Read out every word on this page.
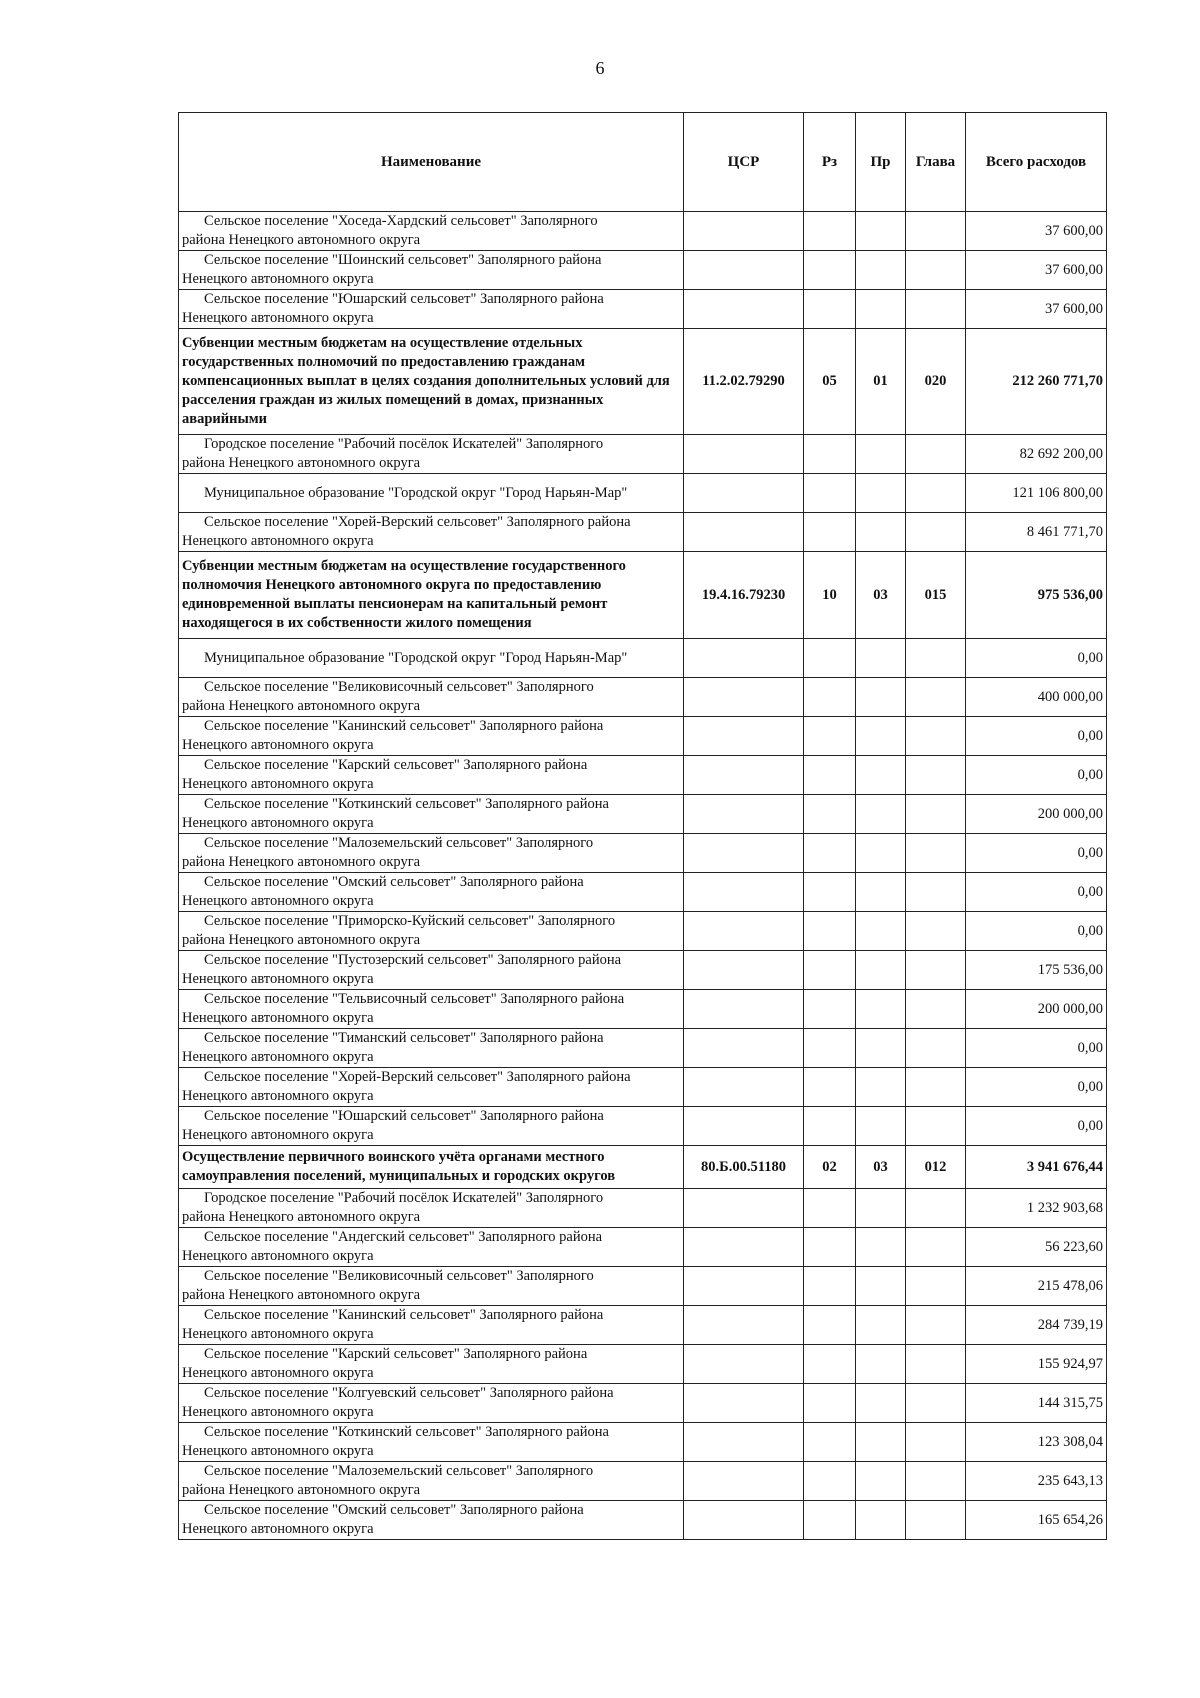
6
Наименование	ЦСР	Рз	Пр	Глава	Всего расходов

Сельское поселение "Хоседа-Хардский сельсовет" Заполярного
района Ненецкого автономного округа					37 600,00

Сельское поселение "Шоинский сельсовет" Заполярного района
Ненецкого автономного округа					37 600,00

Сельское поселение "Юшарский сельсовет" Заполярного района
Ненецкого автономного округа					37 600,00
Субвенции местным бюджетам на осуществление отдельных государственных полномочий по предоставлению гражданам компенсационных выплат в целях создания дополнительных условий для расселения граждан из жилых помещений в домах, признанных аварийными	11.2.02.79290	05	01	020	212 260 771,70

Городское поселение "Рабочий посёлок Искателей" Заполярного
района Ненецкого автономного округа					82 692 200,00

Муниципальное образование "Городской округ "Город Нарьян-Мар"					121 106 800,00

Сельское поселение "Хорей-Верский сельсовет" Заполярного района
Ненецкого автономного округа					8 461 771,70
Субвенции местным бюджетам на осуществление государственного полномочия Ненецкого автономного округа по предоставлению единовременной выплаты пенсионерам на капитальный ремонт находящегося в их собственности жилого помещения	19.4.16.79230	10	03	015	975 536,00

Муниципальное образование "Городской округ "Город Нарьян-Мар"					0,00

Сельское поселение "Великовисочный сельсовет" Заполярного
района Ненецкого автономного округа					400 000,00

Сельское поселение "Канинский сельсовет" Заполярного района
Ненецкого автономного округа					0,00

Сельское поселение "Карский сельсовет" Заполярного района
Ненецкого автономного округа					0,00

Сельское поселение "Коткинский сельсовет" Заполярного района
Ненецкого автономного округа					200 000,00

Сельское поселение "Малоземельский сельсовет" Заполярного
района Ненецкого автономного округа					0,00

Сельское поселение "Омский сельсовет" Заполярного района
Ненецкого автономного округа					0,00

Сельское поселение "Приморско-Куйский сельсовет" Заполярного
района Ненецкого автономного округа					0,00

Сельское поселение "Пустозерский сельсовет" Заполярного района
Ненецкого автономного округа					175 536,00

Сельское поселение "Тельвисочный сельсовет" Заполярного района
Ненецкого автономного округа					200 000,00

Сельское поселение "Тиманский сельсовет" Заполярного района
Ненецкого автономного округа					0,00

Сельское поселение "Хорей-Верский сельсовет" Заполярного района
Ненецкого автономного округа					0,00

Сельское поселение "Юшарский сельсовет" Заполярного района
Ненецкого автономного округа					0,00
Осуществление первичного воинского учёта органами местного самоуправления поселений, муниципальных и городских округов	80.Б.00.51180	02	03	012	3 941 676,44

Городское поселение "Рабочий посёлок Искателей" Заполярного
района Ненецкого автономного округа					1 232 903,68

Сельское поселение "Андегский сельсовет" Заполярного района
Ненецкого автономного округа					56 223,60

Сельское поселение "Великовисочный сельсовет" Заполярного
района Ненецкого автономного округа					215 478,06

Сельское поселение "Канинский сельсовет" Заполярного района
Ненецкого автономного округа					284 739,19

Сельское поселение "Карский сельсовет" Заполярного района
Ненецкого автономного округа					155 924,97

Сельское поселение "Колгуевский сельсовет" Заполярного района
Ненецкого автономного округа					144 315,75

Сельское поселение "Коткинский сельсовет" Заполярного района
Ненецкого автономного округа					123 308,04

Сельское поселение "Малоземельский сельсовет" Заполярного
района Ненецкого автономного округа					235 643,13

Сельское поселение "Омский сельсовет" Заполярного района
Ненецкого автономного округа					165 654,26
